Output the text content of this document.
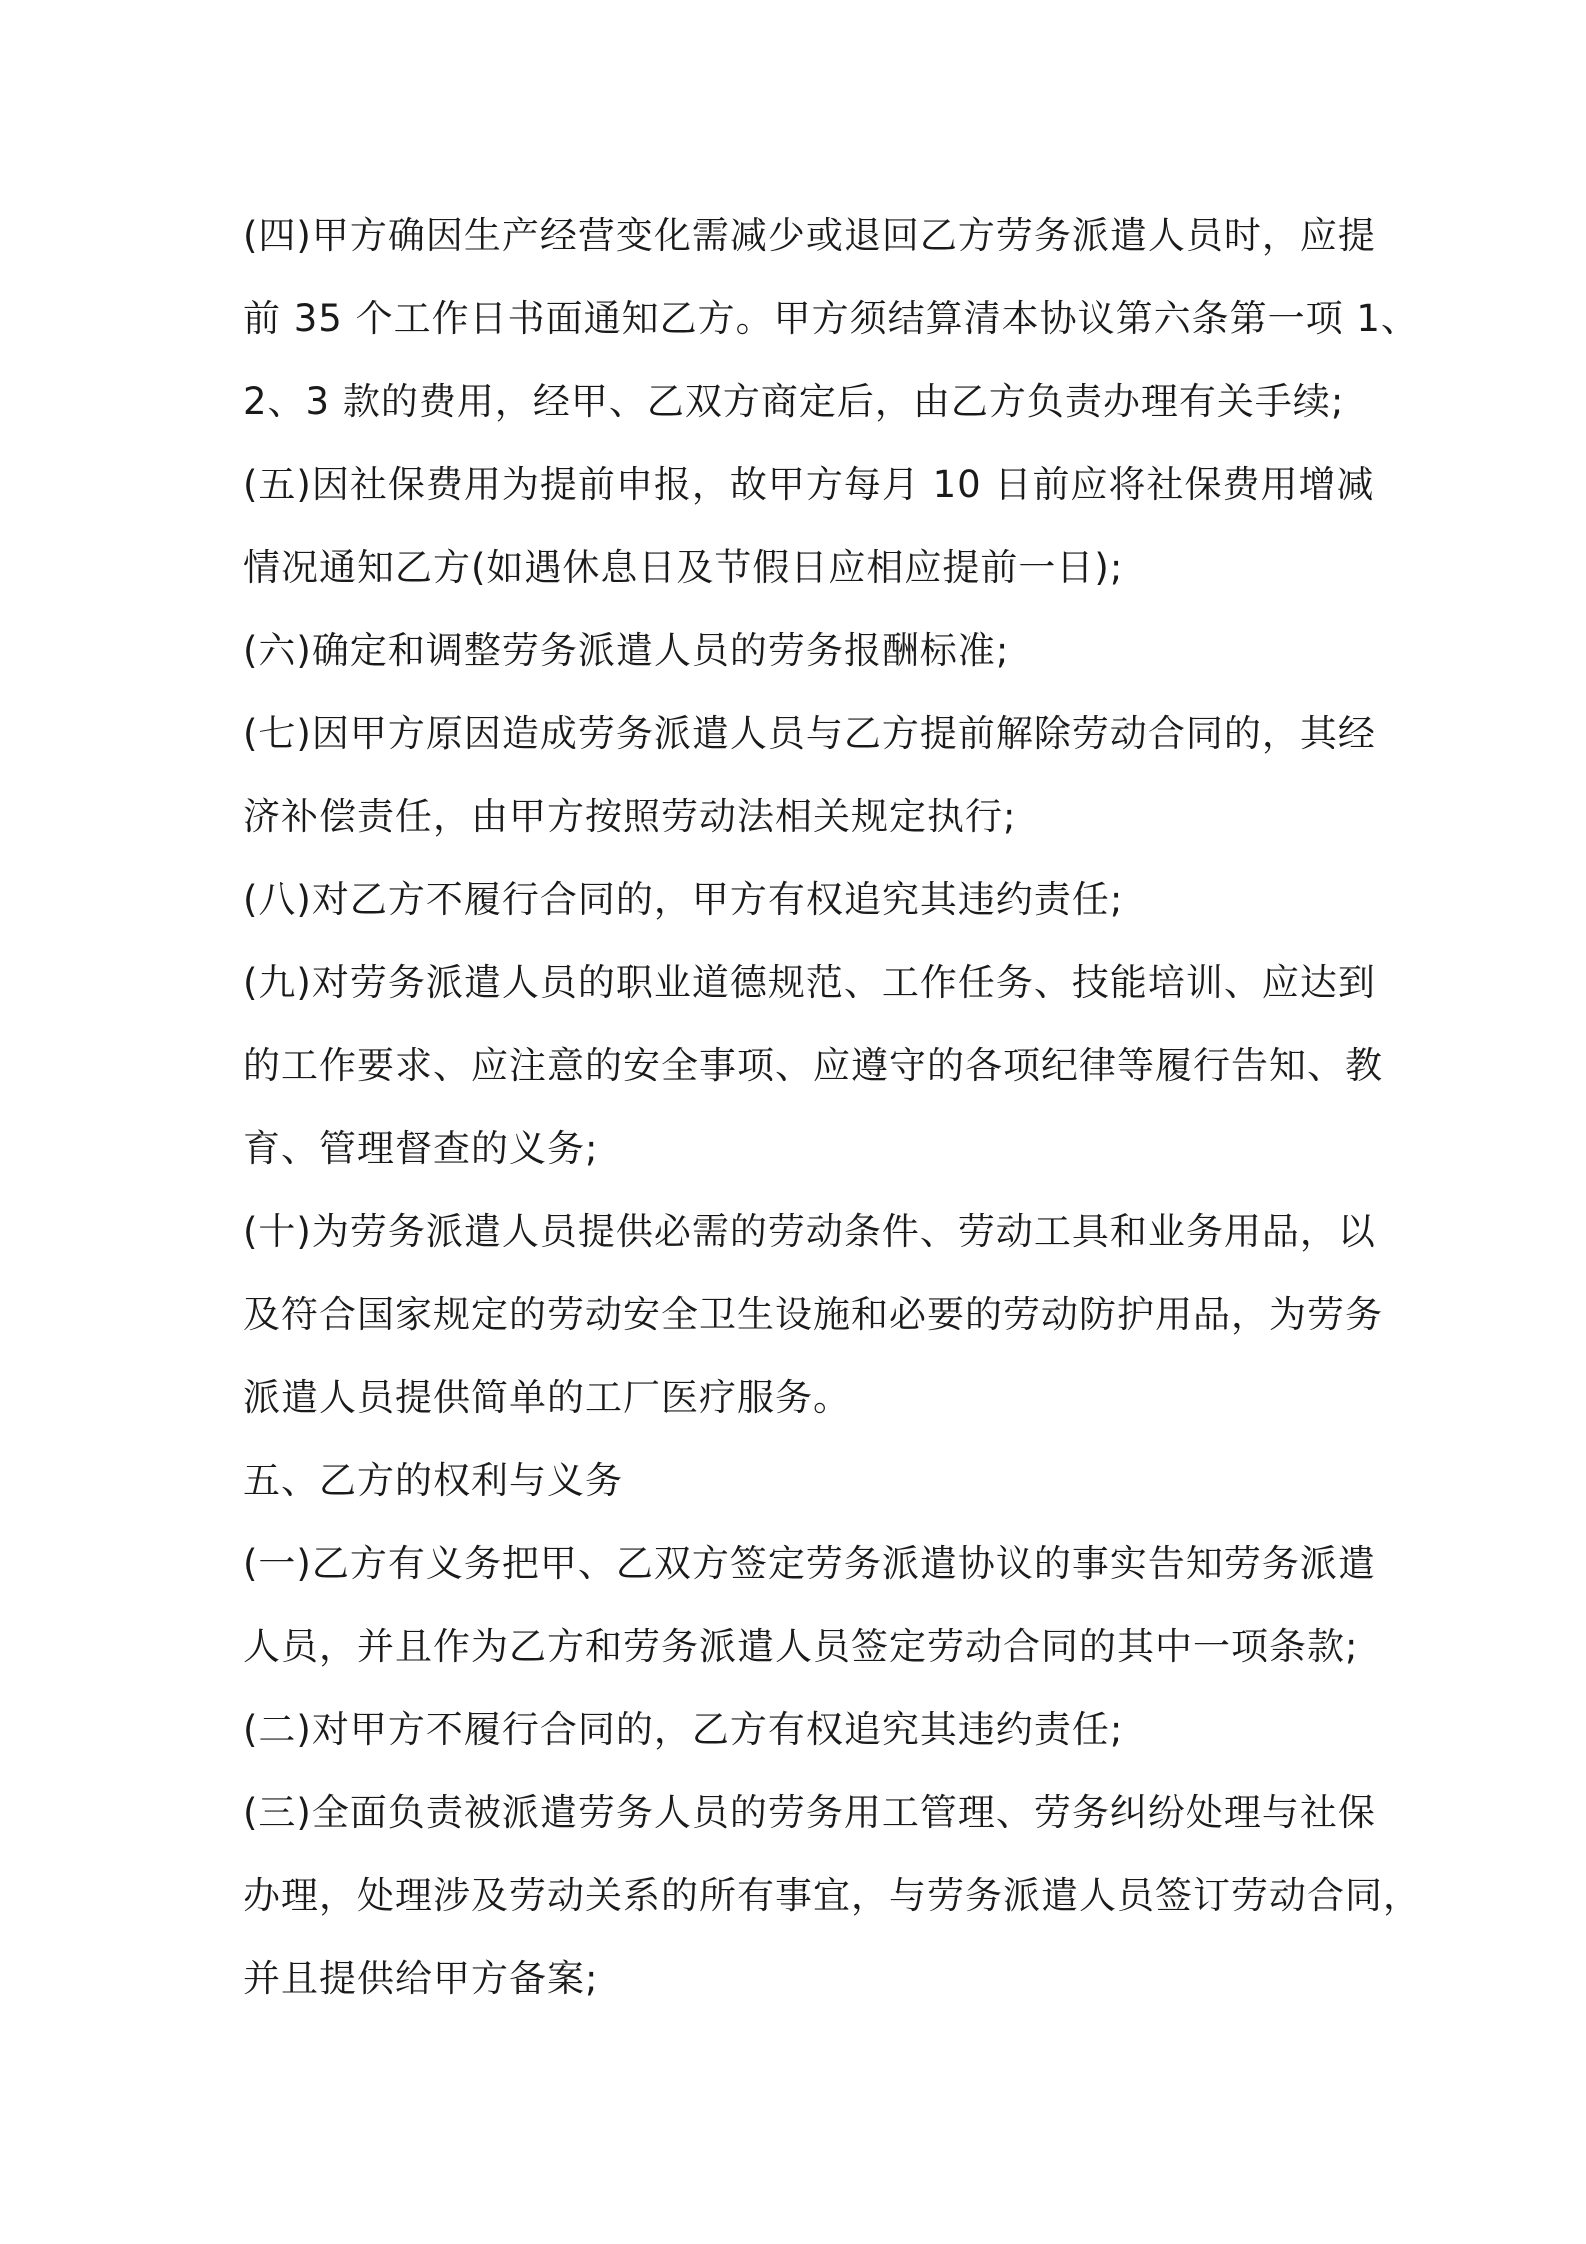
(四)甲方确因生产经营变化需减少或退回乙方劳务派遣人员时，应提

前 35 个工作日书面通知乙方。甲方须结算清本协议第六条第一项 1、

2、3 款的费用，经甲、乙双方商定后，由乙方负责办理有关手续;

(五)因社保费用为提前申报，故甲方每月 10 日前应将社保费用增减

情况通知乙方(如遇休息日及节假日应相应提前一日);

(六)确定和调整劳务派遣人员的劳务报酬标准;

(七)因甲方原因造成劳务派遣人员与乙方提前解除劳动合同的，其经

济补偿责任，由甲方按照劳动法相关规定执行;

(八)对乙方不履行合同的，甲方有权追究其违约责任;

(九)对劳务派遣人员的职业道德规范、工作任务、技能培训、应达到

的工作要求、应注意的安全事项、应遵守的各项纪律等履行告知、教

育、管理督查的义务;

(十)为劳务派遣人员提供必需的劳动条件、劳动工具和业务用品，以

及符合国家规定的劳动安全卫生设施和必要的劳动防护用品，为劳务

派遣人员提供简单的工厂医疗服务。

五、乙方的权利与义务

(一)乙方有义务把甲、乙双方签定劳务派遣协议的事实告知劳务派遣

人员，并且作为乙方和劳务派遣人员签定劳动合同的其中一项条款;

(二)对甲方不履行合同的，乙方有权追究其违约责任;

(三)全面负责被派遣劳务人员的劳务用工管理、劳务纠纷处理与社保

办理，处理涉及劳动关系的所有事宜，与劳务派遣人员签订劳动合同，

并且提供给甲方备案;
